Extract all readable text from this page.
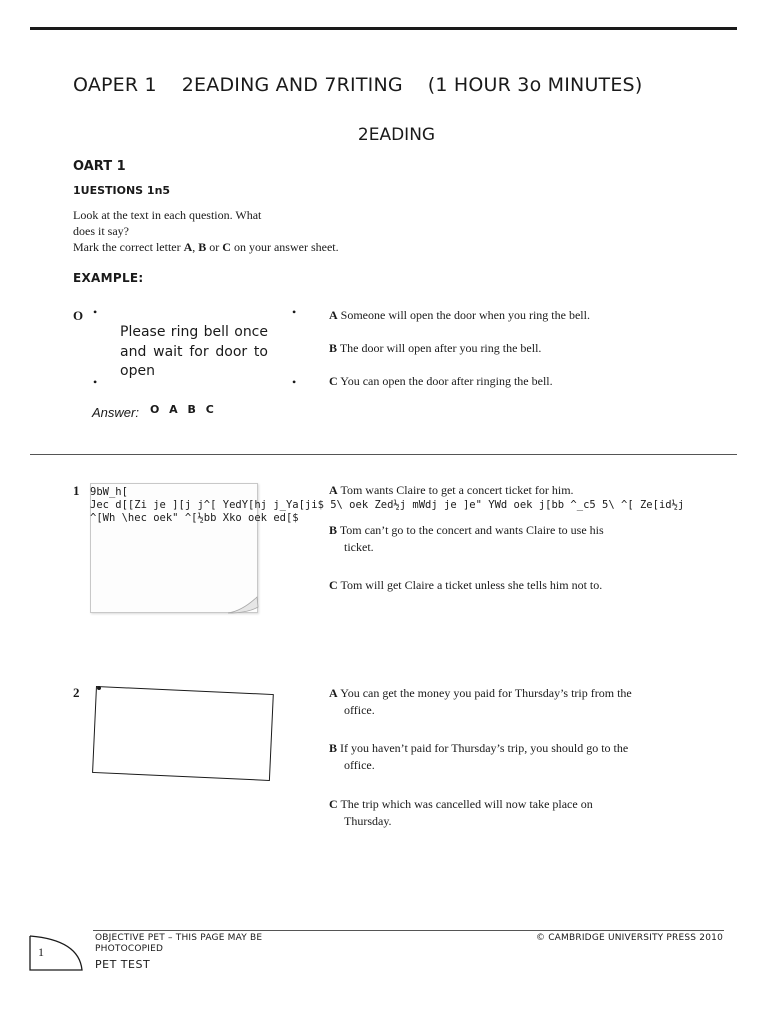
OAPER 1    2EADING AND 7RITING    (1 HOUR 3o MINUTES)
2EADING
OART 1
1UESTIONS 1n5
Look at the text in each question. What
does it say?
Mark the correct letter A, B or C on your answer sheet.
EXAMPLE:
O •	•
•	•
Please ring bell once and wait for door to open
A Someone will open the door when you ring the bell.
B The door will open after you ring the bell.
C You can open the door after ringing the bell.
Answer: O A B C
1 9bW_h[
Jec d[[Zi je ][j j^[ YedY[hj j_Ya[ji$ 5\ oek Zed½j mWdj je ]e" YWd oek j[bb ^_c5 5\ ^[ Ze[id½j
^[Wh \hec oek" ^[½bb Xko oek ed[$
A Tom wants Claire to get a concert ticket for him.
B Tom can’t go to the concert and wants Claire to use his
ticket.
C Tom will get Claire a ticket unless she tells him not to.
2	A You can get the money you paid for Thursday’s trip from the
office.
B If you haven’t paid for Thursday’s trip, you should go to the
office.
C The trip which was cancelled will now take place on
Thursday.
1
OBJECTIVE PET – THIS PAGE MAY BE
PHOTOCOPIED
© CAMBRIDGE UNIVERSITY PRESS 2010
PET TEST
